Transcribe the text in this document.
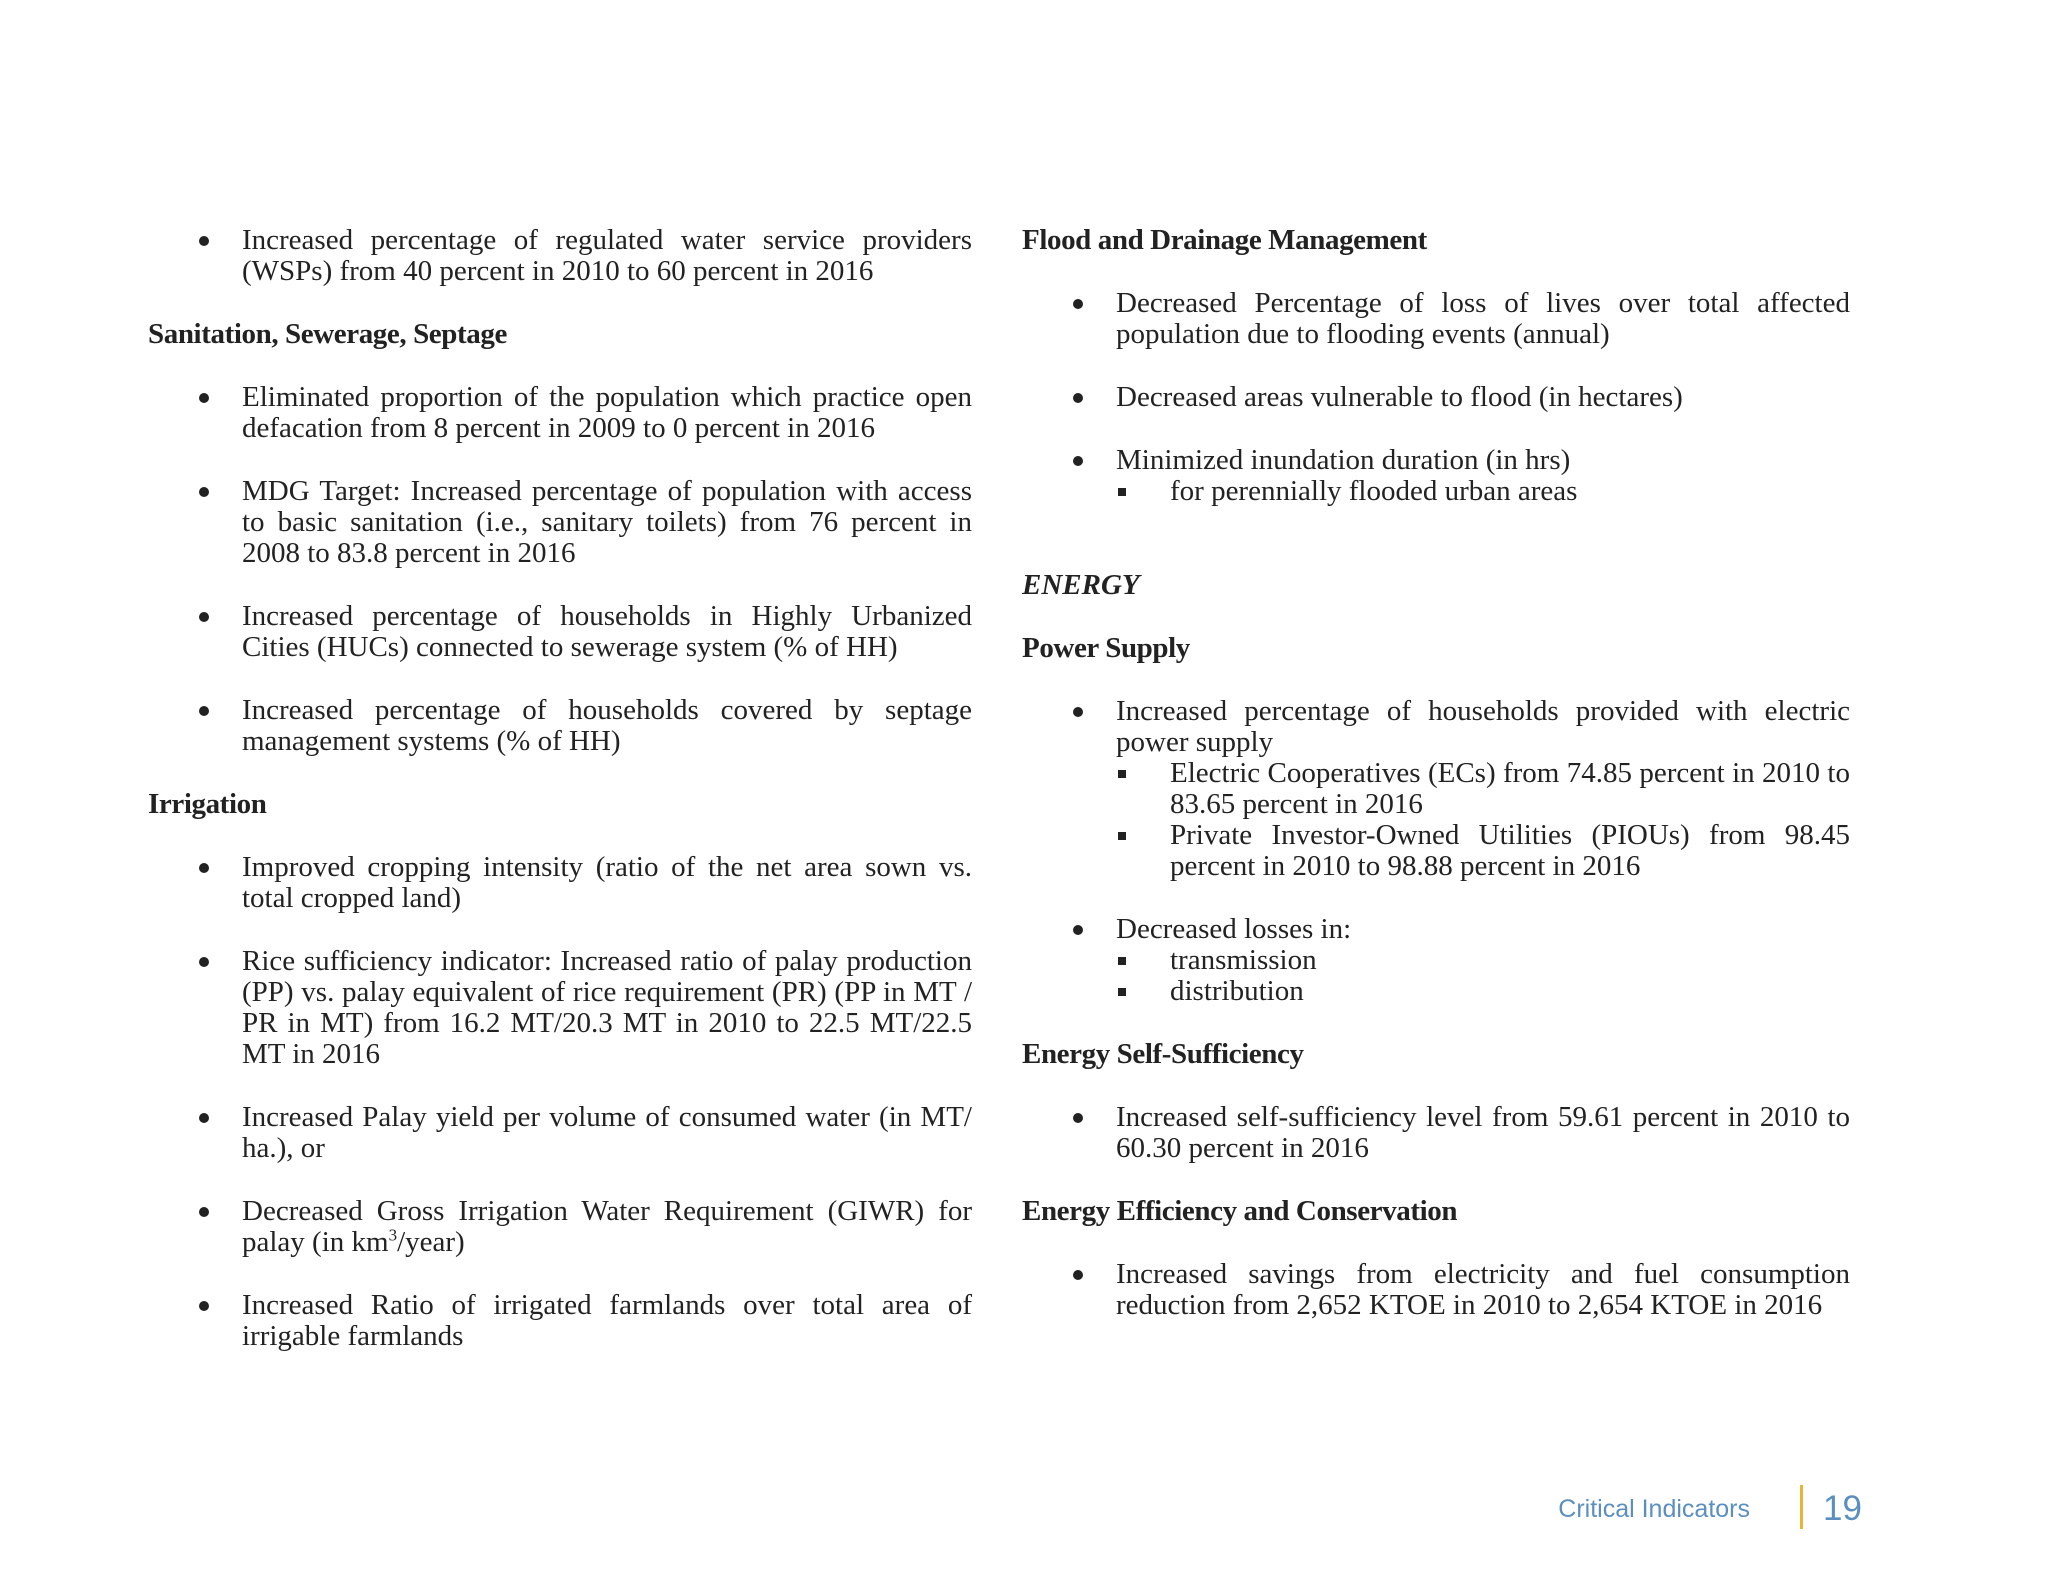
Increased percentage of regulated water service providers (WSPs) from 40 percent in 2010 to 60 percent in 2016
Sanitation, Sewerage, Septage
Eliminated proportion of the population which practice open defacation from 8 percent in 2009 to 0 percent in 2016
MDG Target: Increased percentage of population with access to basic sanitation (i.e., sanitary toilets) from 76 percent in 2008 to 83.8 percent in 2016
Increased percentage of households in Highly Urbanized Cities (HUCs) connected to sewerage system (% of HH)
Increased percentage of households covered by septage management systems (% of HH)
Irrigation
Improved cropping intensity (ratio of the net area sown vs. total cropped land)
Rice sufficiency indicator: Increased ratio of palay production (PP) vs. palay equivalent of rice requirement (PR) (PP in MT / PR in MT) from 16.2 MT/20.3 MT in 2010 to 22.5 MT/22.5 MT in 2016
Increased Palay yield per volume of consumed water (in MT/ ha.), or
Decreased Gross Irrigation Water Requirement (GIWR) for palay (in $km^3/year$)
Increased Ratio of irrigated farmlands over total area of irrigable farmlands
Flood and Drainage Management
Decreased Percentage of loss of lives over total affected population due to flooding events (annual)
Decreased areas vulnerable to flood (in hectares)
Minimized inundation duration (in hrs)
for perennially flooded urban areas
ENERGY
Power Supply
Increased percentage of households provided with electric power supply
Electric Cooperatives (ECs) from 74.85 percent in 2010 to 83.65 percent in 2016
Private Investor-Owned Utilities (PIOUs) from 98.45 percent in 2010 to 98.88 percent in 2016
Decreased losses in:
transmission
distribution
Energy Self-Sufficiency
Increased self-sufficiency level from 59.61 percent in 2010 to 60.30 percent in 2016
Energy Efficiency and Conservation
Increased savings from electricity and fuel consumption reduction from 2,652 KTOE in 2010 to 2,654 KTOE in 2016
Critical Indicators 19
